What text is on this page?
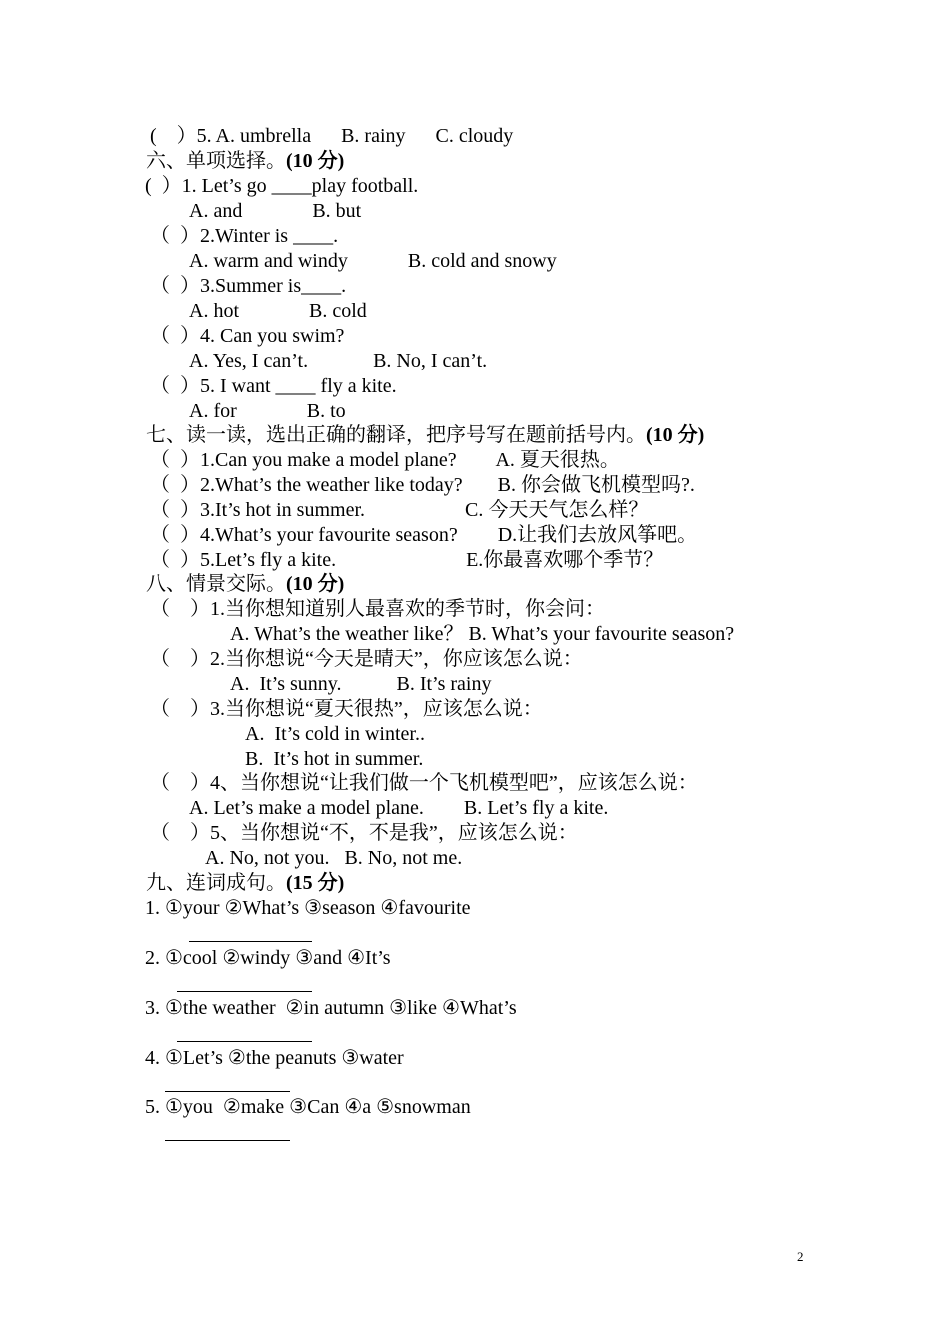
(    ）5. A. umbrella      B. rainy      C. cloudy
六、单项选择。(10 分)
(  ）1. Let’s go ____play football.
A. and              B. but
（  ）2.Winter is ____.
A. warm and windy            B. cold and snowy
（  ）3.Summer is____.
A. hot              B. cold
（  ）4. Can you swim?
A. Yes, I can’t.             B. No, I can’t.
（  ）5. I want ____ fly a kite.
A. for              B. to
七、读一读，选出正确的翻译，把序号写在题前括号内。(10 分)
（  ）1.Can you make a model plane?        A. 夏天很热。
（  ）2.What’s the weather like today?       B. 你会做飞机模型吗?.
（  ）3.It’s hot in summer.                    C. 今天天气怎么样？
（  ）4.What’s your favourite season?        D.让我们去放风筝吧。
（  ）5.Let’s fly a kite.                          E.你最喜欢哪个季节？
八、情景交际。(10 分)
（    ）1.当你想知道别人最喜欢的季节时，你会问：
A. What’s the weather like？ B. What’s your favourite season?
（    ）2.当你想说“今天是晴天”，你应该怎么说：
A.  It’s sunny.           B. It’s rainy
（    ）3.当你想说“夏天很热”，应该怎么说：
A.  It’s cold in winter..
B.  It’s hot in summer.
（    ）4、当你想说“让我们做一个飞机模型吧”，应该怎么说：
A. Let’s make a model plane.        B. Let’s fly a kite.
（    ）5、当你想说“不，不是我”，应该怎么说：
A. No, not you.   B. No, not me.
九、连词成句。(15 分)
1. ①your ②What’s ③season ④favourite
2. ①cool ②windy ③and ④It’s
3. ①the weather  ②in autumn ③like ④What’s
4. ①Let’s ②the peanuts ③water
5. ①you  ②make ③Can ④a ⑤snowman
2
